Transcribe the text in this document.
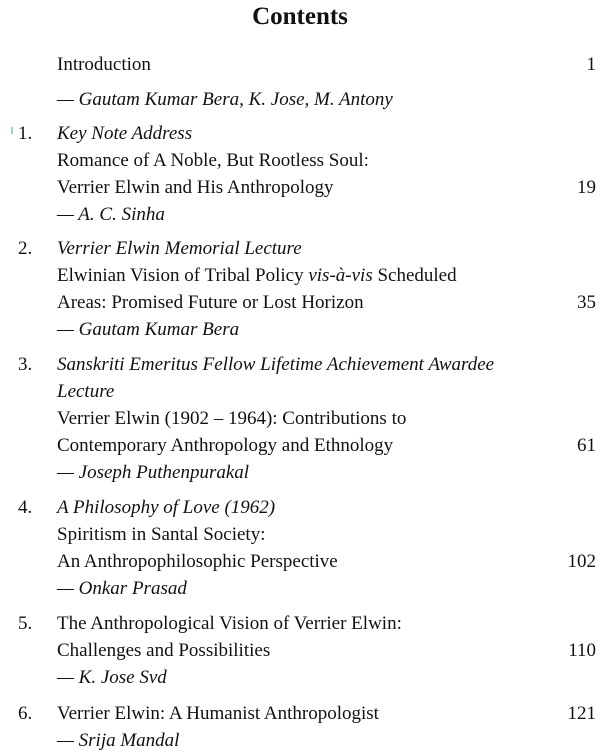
Contents
Introduction	1
— Gautam Kumar Bera, K. Jose, M. Antony
1. Key Note Address
Romance of A Noble, But Rootless Soul:
Verrier Elwin and His Anthropology	19
— A. C. Sinha
2. Verrier Elwin Memorial Lecture
Elwinian Vision of Tribal Policy vis-à-vis Scheduled
Areas: Promised Future or Lost Horizon	35
— Gautam Kumar Bera
3. Sanskriti Emeritus Fellow Lifetime Achievement Awardee
Lecture
Verrier Elwin (1902 – 1964): Contributions to
Contemporary Anthropology and Ethnology	61
— Joseph Puthenpurakal
4. A Philosophy of Love (1962)
Spiritism in Santal Society:
An Anthropophilosophic Perspective	102
— Onkar Prasad
5. The Anthropological Vision of Verrier Elwin:
Challenges and Possibilities	110
— K. Jose Svd
6. Verrier Elwin: A Humanist Anthropologist	121
— Srija Mandal
